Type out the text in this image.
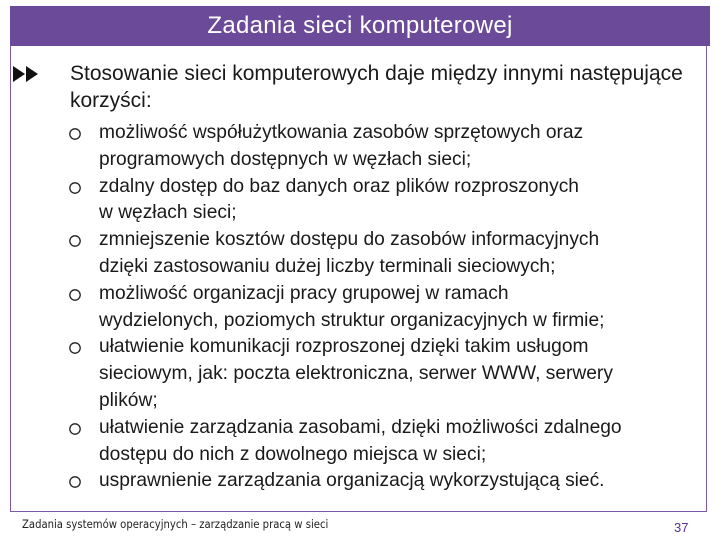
Zadania sieci komputerowej
Stosowanie sieci komputerowych daje między innymi następujące korzyści:
możliwość współużytkowania zasobów sprzętowych oraz
programowych dostępnych w węzłach sieci;
zdalny dostęp do baz danych oraz plików rozproszonych
w węzłach sieci;
zmniejszenie kosztów dostępu do zasobów informacyjnych
dzięki zastosowaniu dużej liczby terminali sieciowych;
możliwość organizacji pracy grupowej w ramach
wydzielonych, poziomych struktur organizacyjnych w firmie;
ułatwienie komunikacji rozproszonej dzięki takim usługom
sieciowym, jak: poczta elektroniczna, serwer WWW, serwery
plików;
ułatwienie zarządzania zasobami, dzięki możliwości zdalnego
dostępu do nich z dowolnego miejsca w sieci;
usprawnienie zarządzania organizacją wykorzystującą sieć.
Zadania systemów operacyjnych – zarządzanie pracą w sieci	37
